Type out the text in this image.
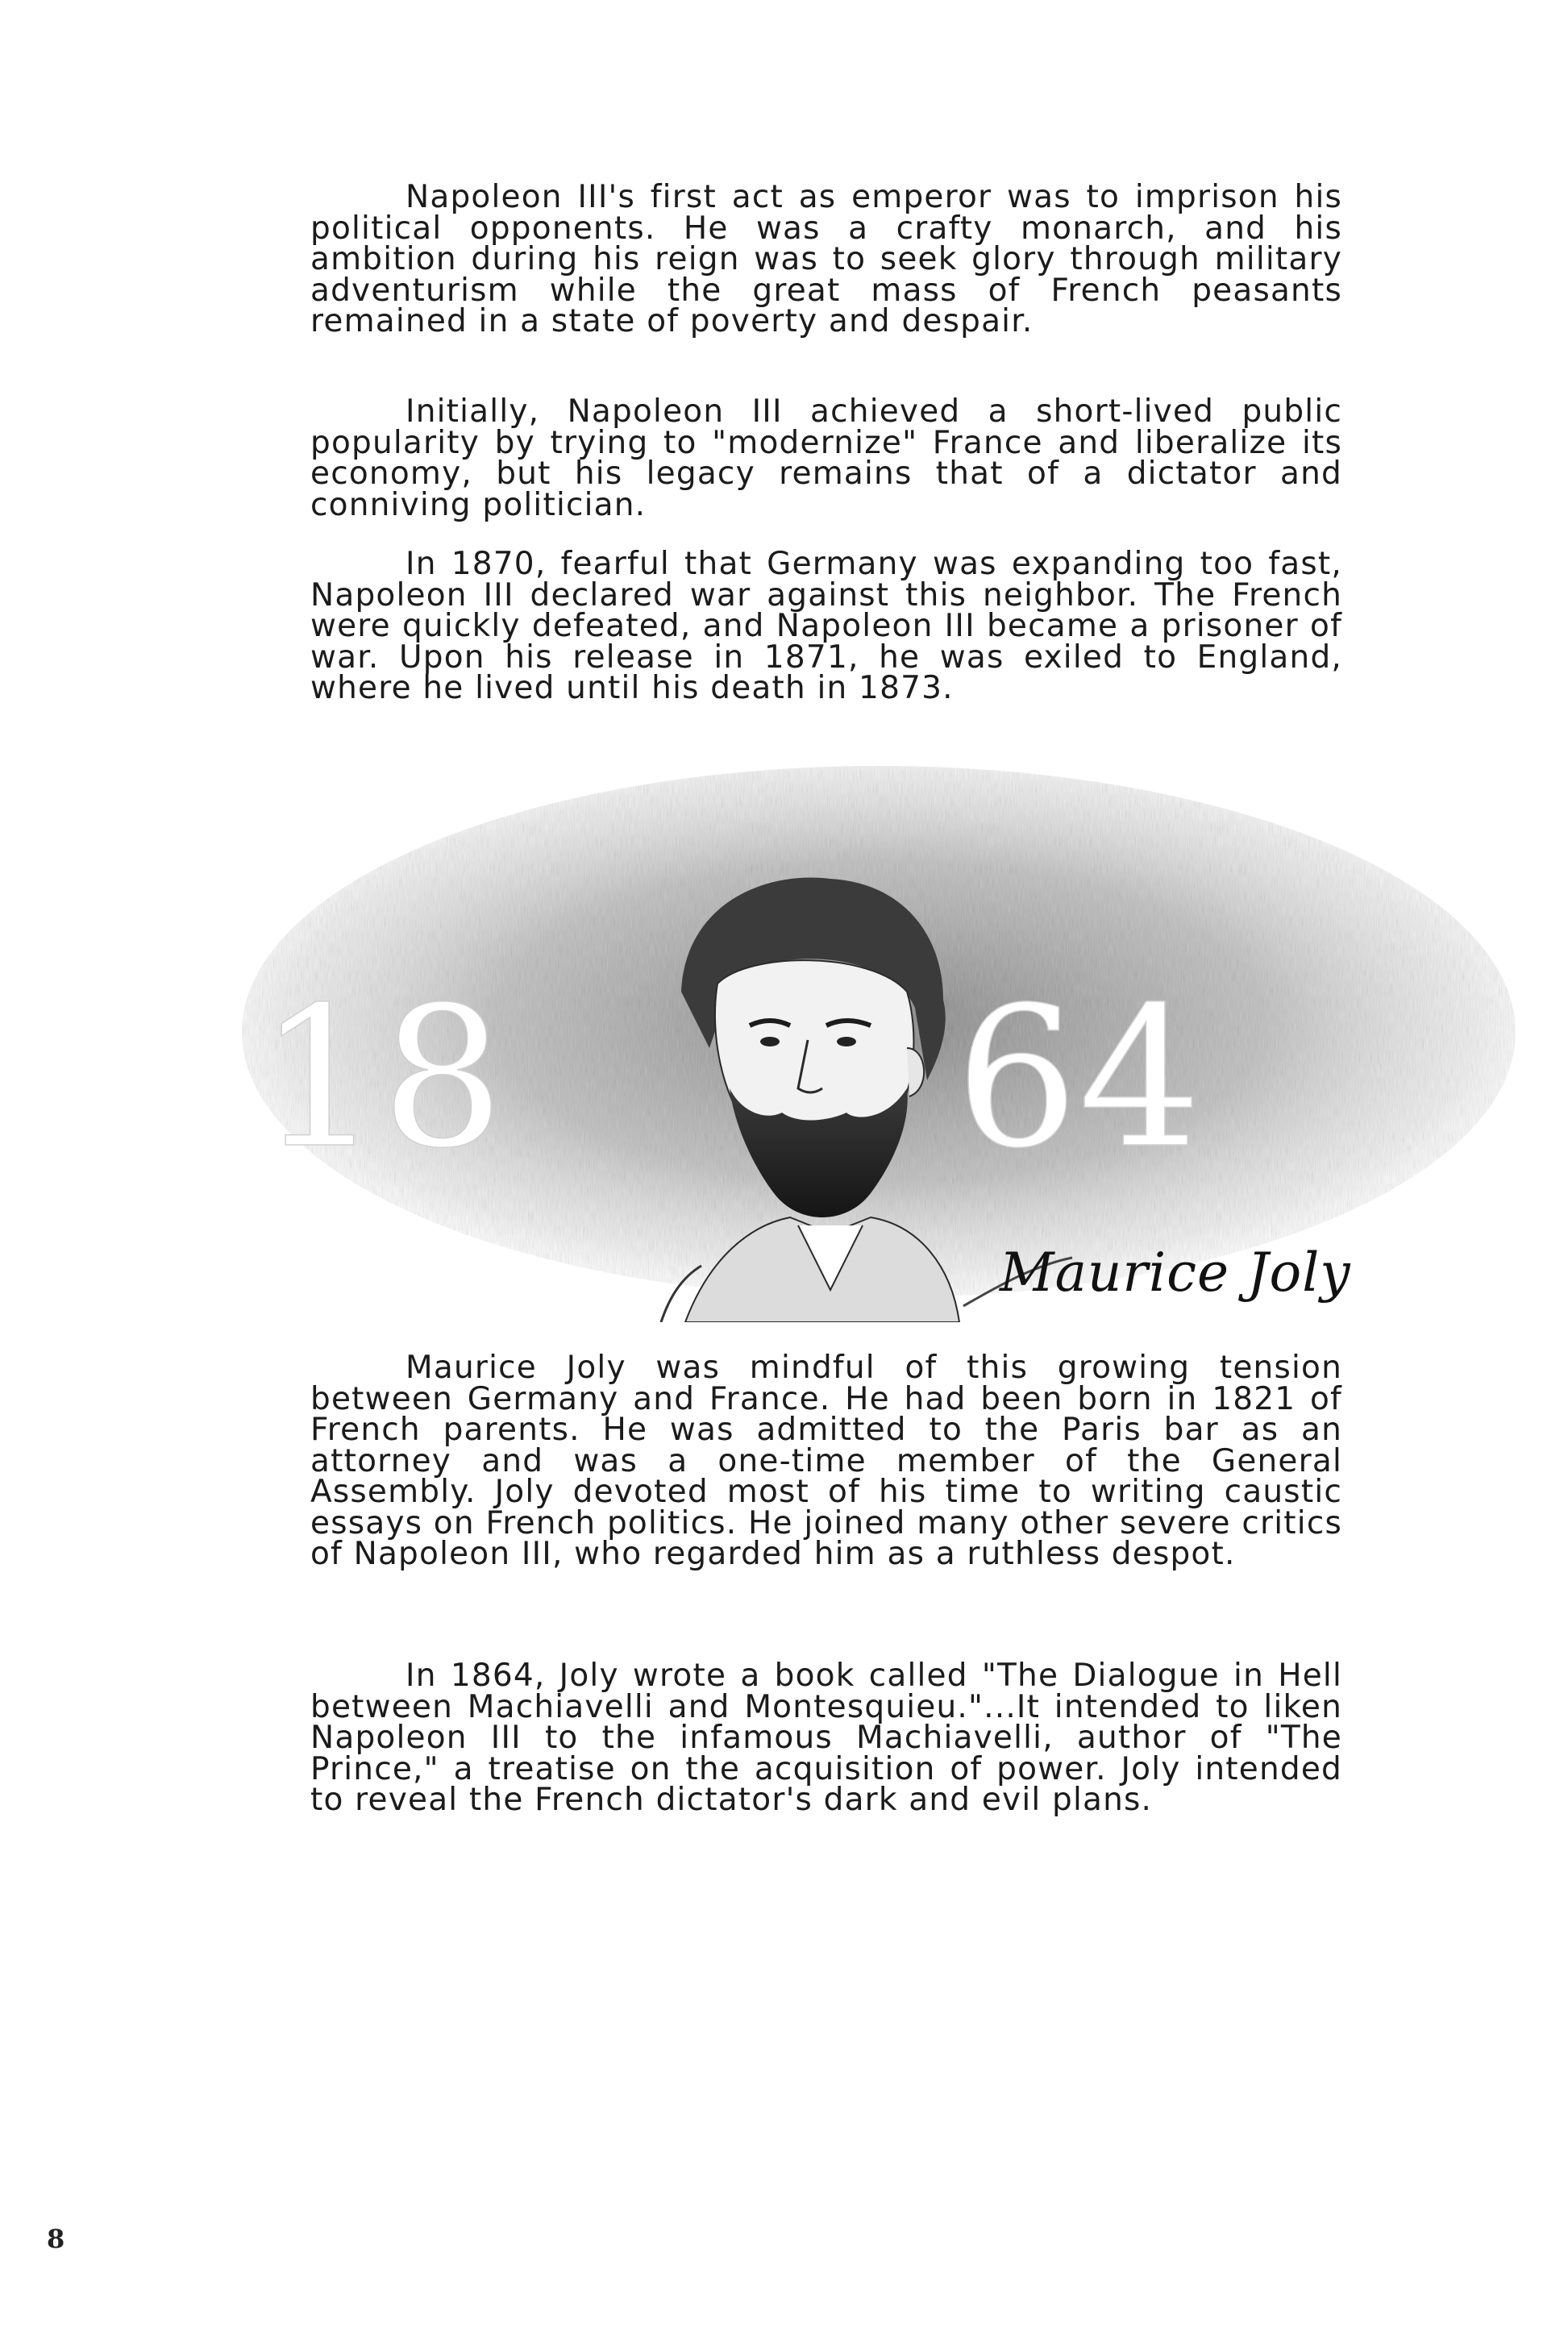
Napoleon III's first act as emperor was to imprison his political opponents. He was a crafty monarch, and his ambition during his reign was to seek glory through military adventurism while the great mass of French peasants remained in a state of poverty and despair.

Initially, Napoleon III achieved a short-lived public popularity by trying to "modernize" France and liberalize its economy, but his legacy remains that of a dictator and conniving politician.

In 1870, fearful that Germany was expanding too fast, Napoleon III declared war against this neighbor. The French were quickly defeated, and Napoleon III became a prisoner of war. Upon his release in 1871, he was exiled to England, where he lived until his death in 1873.

18 64
Maurice Joly

Maurice Joly was mindful of this growing tension between Germany and France. He had been born in 1821 of French parents. He was admitted to the Paris bar as an attorney and was a one-time member of the General Assembly. Joly devoted most of his time to writing caustic essays on French politics. He joined many other severe critics of Napoleon III, who regarded him as a ruthless despot.

In 1864, Joly wrote a book called "The Dialogue in Hell between Machiavelli and Montesquieu."...It intended to liken Napoleon III to the infamous Machiavelli, author of "The Prince," a treatise on the acquisition of power. Joly intended to reveal the French dictator's dark and evil plans.

8
